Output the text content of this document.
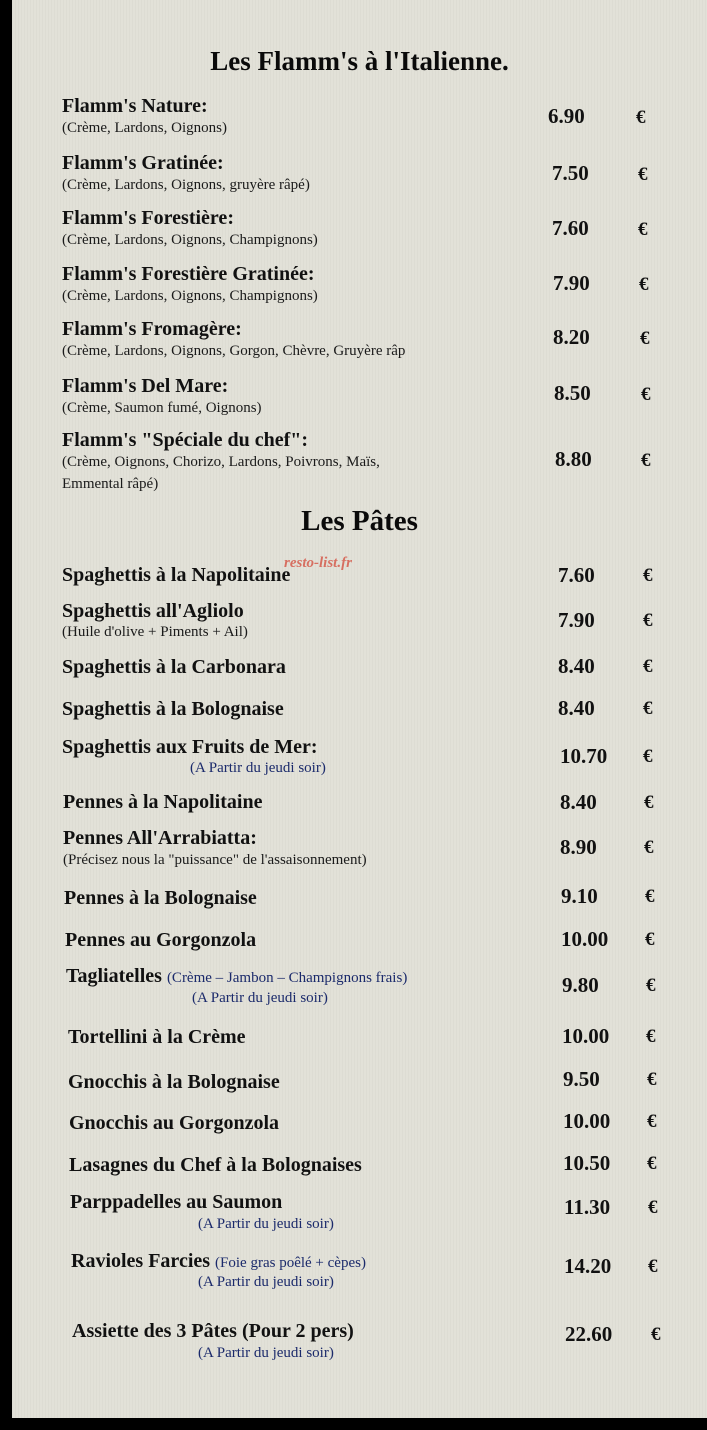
Les Flamm's à l'Italienne.
Flamm's Nature:
(Crème, Lardons, Oignons)	6.90	€
Flamm's Gratinée:
(Crème, Lardons, Oignons, gruyère râpé)	7.50	€
Flamm's Forestière:
(Crème, Lardons, Oignons, Champignons)	7.60	€
Flamm's Forestière Gratinée:
(Crème, Lardons, Oignons, Champignons)
7.90	€
Flamm's Fromagère:
(Crème, Lardons, Oignons, Gorgon, Chèvre, Gruyère râp
8.20	€
Flamm's Del Mare:
(Crème, Saumon fumé, Oignons)
8.50	€
Flamm's "Spéciale du chef":
(Crème, Oignons, Chorizo, Lardons, Poivrons, Maïs,
Emmental râpé)
8.80	€
Les Pâtes
resto-list.fr
Spaghettis à la Napolitaine	7.60	€
Spaghettis all'Agliolo
(Huile d'olive + Piments + Ail)	7.90	€
Spaghettis à la Carbonara	8.40	€
Spaghettis à la Bolognaise	8.40	€
Spaghettis aux Fruits de Mer:
(A Partir du jeudi soir)	10.70 €
Pennes à la Napolitaine	8.40 €
Pennes All'Arrabiatta:
(Précisez nous la "puissance" de l'assaisonnement)
8.90 €
Pennes à la Bolognaise	9.10 €
Pennes au Gorgonzola	10.00 €
Tagliatelles (Crème – Jambon – Champignons frais)
(A Partir du jeudi soir)
9.80 €
Tortellini à la Crème	10.00 €
Gnocchis à la Bolognaise	9.50 €
Gnocchis au Gorgonzola	10.00 €
Lasagnes du Chef à la Bolognaises	10.50 €
Parppadelles au Saumon
(A Partir du jeudi soir)
11.30 €
Ravioles Farcies (Foie gras poêlé + cèpes)
(A Partir du jeudi soir)
14.20 €
Assiette des 3 Pâtes (Pour 2 pers)
(A Partir du jeudi soir)
22.60 €
